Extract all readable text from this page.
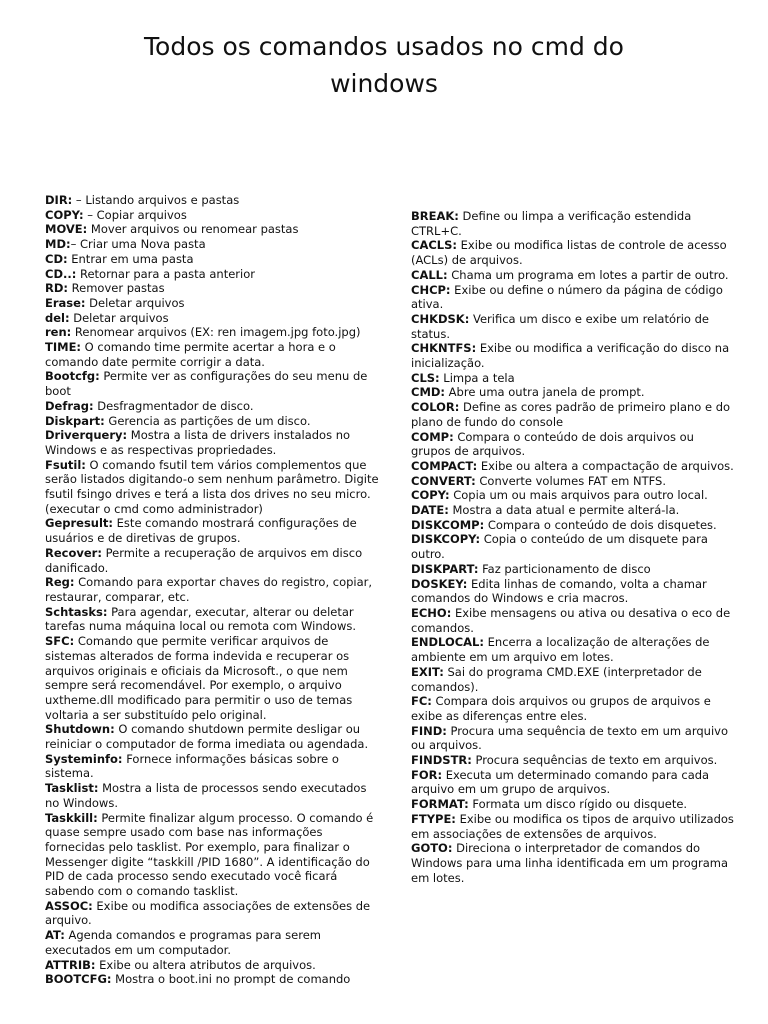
Todos os comandos usados no cmd do windows

DIR: – Listando arquivos e pastas

COPY: – Copiar arquivos

MOVE: Mover arquivos ou renomear pastas

MD:– Criar uma Nova pasta

CD: Entrar em uma pasta

CD..: Retornar para a pasta anterior

RD: Remover pastas

Erase: Deletar arquivos

del: Deletar arquivos

ren: Renomear arquivos (EX: ren imagem.jpg foto.jpg)

TIME: O comando time permite acertar a hora e o comando date permite corrigir a data.

Bootcfg: Permite ver as configurações do seu menu de boot

Defrag: Desfragmentador de disco.

Diskpart: Gerencia as partições de um disco.

Driverquery: Mostra a lista de drivers instalados no Windows e as respectivas propriedades.

Fsutil: O comando fsutil tem vários complementos que serão listados digitando-o sem nenhum parâmetro. Digite fsutil fsingo drives e terá a lista dos drives no seu micro.(executar o cmd como administrador)

Gepresult: Este comando mostrará configurações de usuários e de diretivas de grupos.

Recover: Permite a recuperação de arquivos em disco danificado.

Reg: Comando para exportar chaves do registro, copiar, restaurar, comparar, etc.

Schtasks: Para agendar, executar, alterar ou deletar tarefas numa máquina local ou remota com Windows.

SFC: Comando que permite verificar arquivos de sistemas alterados de forma indevida e recuperar os arquivos originais e oficiais da Microsoft., o que nem sempre será recomendável. Por exemplo, o arquivo uxtheme.dll modificado para permitir o uso de temas voltaria a ser substituído pelo original.

Shutdown: O comando shutdown permite desligar ou reiniciar o computador de forma imediata ou agendada.

Systeminfo: Fornece informações básicas sobre o sistema.

Tasklist: Mostra a lista de processos sendo executados no Windows.

Taskkill: Permite finalizar algum processo. O comando é quase sempre usado com base nas informações fornecidas pelo tasklist. Por exemplo, para finalizar o Messenger digite “taskkill /PID 1680”. A identificação do PID de cada processo sendo executado você ficará sabendo com o comando tasklist.

ASSOC: Exibe ou modifica associações de extensões de arquivo.

AT: Agenda comandos e programas para serem executados em um computador.

ATTRIB: Exibe ou altera atributos de arquivos.

BOOTCFG: Mostra o boot.ini no prompt de comando

BREAK: Define ou limpa a verificação estendida CTRL+C.

CACLS: Exibe ou modifica listas de controle de acesso (ACLs) de arquivos.

CALL: Chama um programa em lotes a partir de outro.

CHCP: Exibe ou define o número da página de código ativa.

CHKDSK: Verifica um disco e exibe um relatório de status.

CHKNTFS: Exibe ou modifica a verificação do disco na inicialização.

CLS: Limpa a tela

CMD: Abre uma outra janela de prompt.

COLOR: Define as cores padrão de primeiro plano e do plano de fundo do console

COMP: Compara o conteúdo de dois arquivos ou grupos de arquivos.

COMPACT: Exibe ou altera a compactação de arquivos.

CONVERT: Converte volumes FAT em NTFS.

COPY: Copia um ou mais arquivos para outro local.

DATE: Mostra a data atual e permite alterá-la.

DISKCOMP: Compara o conteúdo de dois disquetes.

DISKCOPY: Copia o conteúdo de um disquete para outro.

DISKPART: Faz particionamento de disco

DOSKEY: Edita linhas de comando, volta a chamar comandos do Windows e cria macros.

ECHO: Exibe mensagens ou ativa ou desativa o eco de comandos.

ENDLOCAL: Encerra a localização de alterações de ambiente em um arquivo em lotes.

EXIT: Sai do programa CMD.EXE (interpretador de comandos).

FC: Compara dois arquivos ou grupos de arquivos e exibe as diferenças entre eles.

FIND: Procura uma sequência de texto em um arquivo ou arquivos.

FINDSTR: Procura sequências de texto em arquivos.

FOR: Executa um determinado comando para cada arquivo em um grupo de arquivos.

FORMAT: Formata um disco rígido ou disquete.

FTYPE: Exibe ou modifica os tipos de arquivo utilizados em associações de extensões de arquivos.

GOTO: Direciona o interpretador de comandos do Windows para uma linha identificada em um programa em lotes.
